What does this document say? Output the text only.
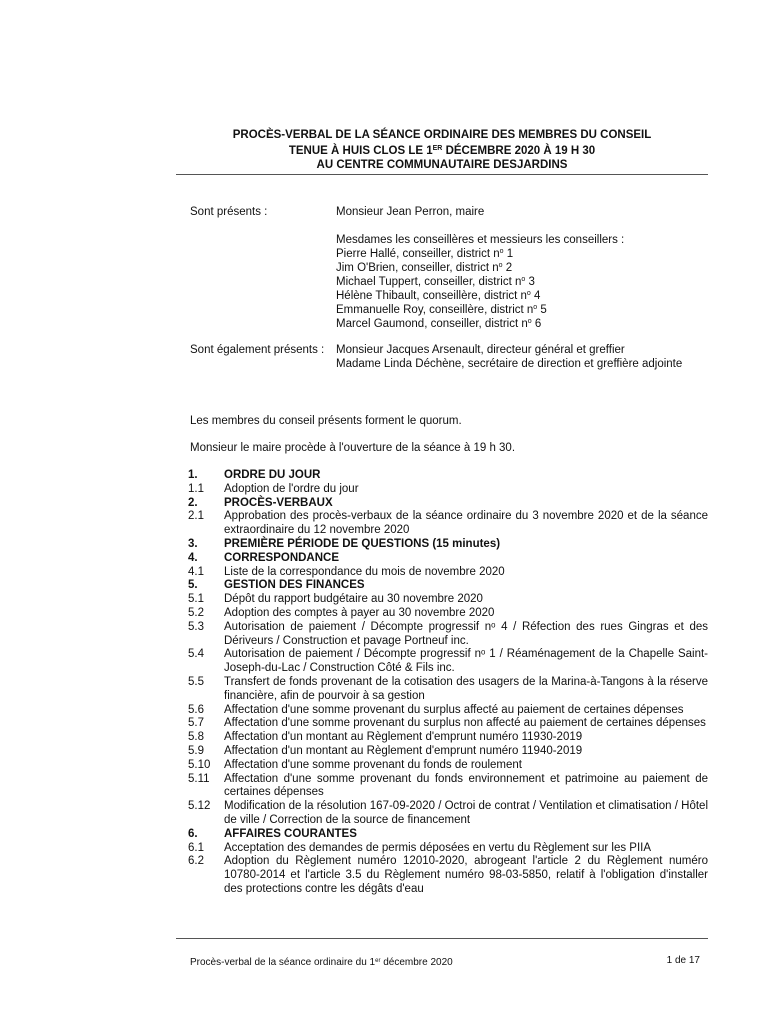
PROCÈS-VERBAL DE LA SÉANCE ORDINAIRE DES MEMBRES DU CONSEIL
TENUE À HUIS CLOS LE 1ER DÉCEMBRE 2020 À 19 H 30
AU CENTRE COMMUNAUTAIRE DESJARDINS
Sont présents :	Monsieur Jean Perron, maire
Mesdames les conseillères et messieurs les conseillers :
Pierre Hallé, conseiller, district $n^o$ 1
Jim O'Brien, conseiller, district $n^o$ 2
Michael Tuppert, conseiller, district $n^o$ 3
Hélène Thibault, conseillère, district $n^o$ 4
Emmanuelle Roy, conseillère, district $n^o$ 5
Marcel Gaumond, conseiller, district $n^o$ 6
Sont également présents : Monsieur Jacques Arsenault, directeur général et greffier
Madame Linda Déchène, secrétaire de direction et greffière adjointe
Les membres du conseil présents forment le quorum.
Monsieur le maire procède à l'ouverture de la séance à 19 h 30.
1.	ORDRE DU JOUR
1.1	Adoption de l'ordre du jour
2.	PROCÈS-VERBAUX
2.1	Approbation des procès-verbaux de la séance ordinaire du 3 novembre 2020 et de la séance extraordinaire du 12 novembre 2020
3.	PREMIÈRE PÉRIODE DE QUESTIONS (15 minutes)
4.	CORRESPONDANCE
4.1	Liste de la correspondance du mois de novembre 2020
5.	GESTION DES FINANCES
5.1	Dépôt du rapport budgétaire au 30 novembre 2020
5.2	Adoption des comptes à payer au 30 novembre 2020
5.3	Autorisation de paiement / Décompte progressif nᵒ 4 / Réfection des rues Gingras et des Dériveurs / Construction et pavage Portneuf inc.
5.4	Autorisation de paiement / Décompte progressif nᵒ 1 / Réaménagement de la Chapelle Saint-Joseph-du-Lac / Construction Côté & Fils inc.
5.5	Transfert de fonds provenant de la cotisation des usagers de la Marina-à-Tangons à la réserve financière, afin de pourvoir à sa gestion
5.6	Affectation d'une somme provenant du surplus affecté au paiement de certaines dépenses
5.7	Affectation d'une somme provenant du surplus non affecté au paiement de certaines dépenses
5.8	Affectation d'un montant au Règlement d'emprunt numéro 11930-2019
5.9	Affectation d'un montant au Règlement d'emprunt numéro 11940-2019
5.10	Affectation d'une somme provenant du fonds de roulement
5.11	Affectation d'une somme provenant du fonds environnement et patrimoine au paiement de certaines dépenses
5.12	Modification de la résolution 167-09-2020 / Octroi de contrat / Ventilation et climatisation / Hôtel de ville / Correction de la source de financement
6.	AFFAIRES COURANTES
6.1	Acceptation des demandes de permis déposées en vertu du Règlement sur les PIIA
6.2	Adoption du Règlement numéro 12010-2020, abrogeant l'article 2 du Règlement numéro 10780-2014 et l'article 3.5 du Règlement numéro 98-03-5850, relatif à l'obligation d'installer des protections contre les dégâts d'eau
Procès-verbal de la séance ordinaire du 1er décembre 2020	1 de 17
